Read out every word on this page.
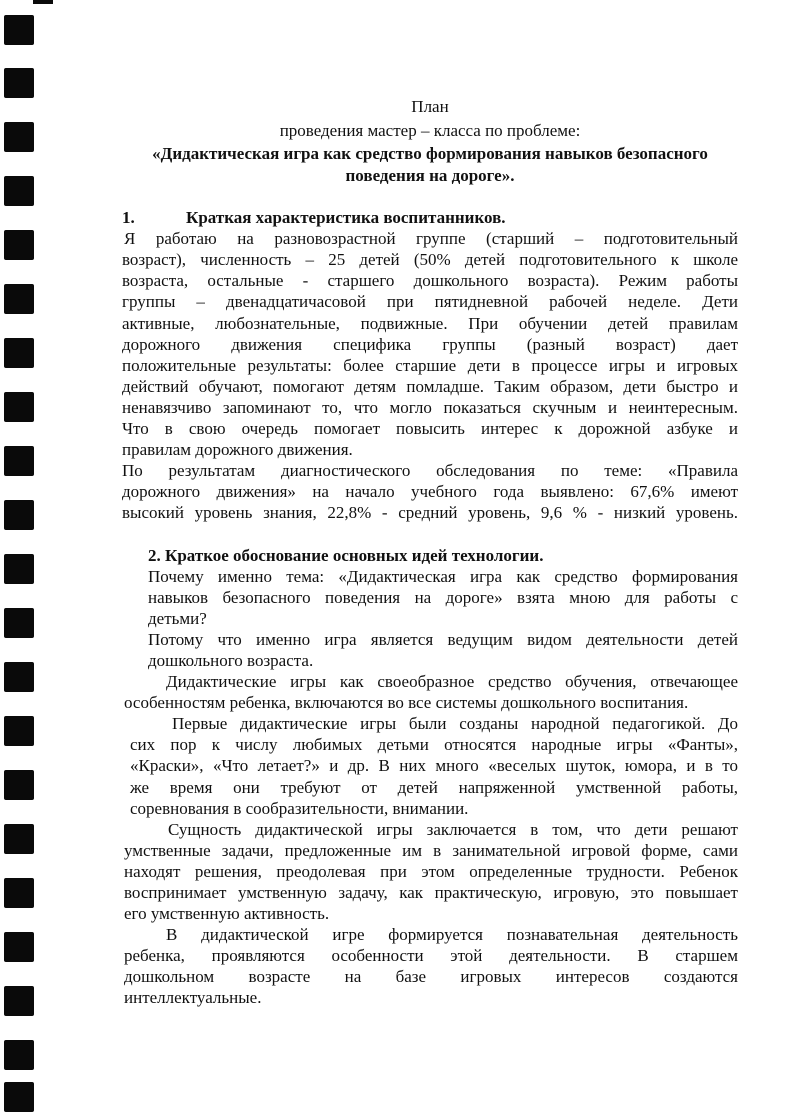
План
проведения мастер – класса по проблеме:
«Дидактическая игра как средство формирования навыков безопасного
поведения на дороге».
1.	Краткая характеристика воспитанников.
Я работаю на разновозрастной группе (старший – подготовительный
возраст), численность – 25 детей (50% детей подготовительного к школе
возраста, остальные - старшего дошкольного возраста). Режим работы
группы – двенадцатичасовой при пятидневной рабочей неделе. Дети
активные, любознательные, подвижные. При обучении детей правилам
дорожного движения специфика группы (разный возраст) дает
положительные результаты: более старшие дети в процессе игры и игровых
действий обучают, помогают детям помладше. Таким образом, дети быстро и
ненавязчиво запоминают то, что могло показаться скучным и неинтересным.
Что в свою очередь помогает повысить интерес к дорожной азбуке и
правилам дорожного движения.
По результатам диагностического обследования по теме: «Правила
дорожного движения» на начало учебного года выявлено: 67,6% имеют
высокий уровень знания, 22,8% - средний уровень, 9,6 % - низкий уровень.
2. Краткое обоснование основных идей технологии.
Почему именно тема: «Дидактическая игра как средство формирования
навыков безопасного поведения на дороге» взята мною для работы с
детьми?
Потому что именно игра является ведущим видом деятельности детей
дошкольного возраста.
Дидактические игры как своеобразное средство обучения, отвечающее
особенностям ребенка, включаются во все системы дошкольного воспитания.
Первые дидактические игры были созданы народной педагогикой. До
сих пор к числу любимых детьми относятся народные игры «Фанты»,
«Краски», «Что летает?» и др. В них много «веселых шуток, юмора, и в то
же время они требуют от детей напряженной умственной работы,
соревнования в сообразительности, внимании.
Сущность дидактической игры заключается в том, что дети решают
умственные задачи, предложенные им в занимательной игровой форме, сами
находят решения, преодолевая при этом определенные трудности. Ребенок
воспринимает умственную задачу, как практическую, игровую, это повышает
его умственную активность.
В дидактической игре формируется познавательная деятельность
ребенка, проявляются особенности этой деятельности. В старшем
дошкольном возрасте на базе игровых интересов создаются
интеллектуальные.
